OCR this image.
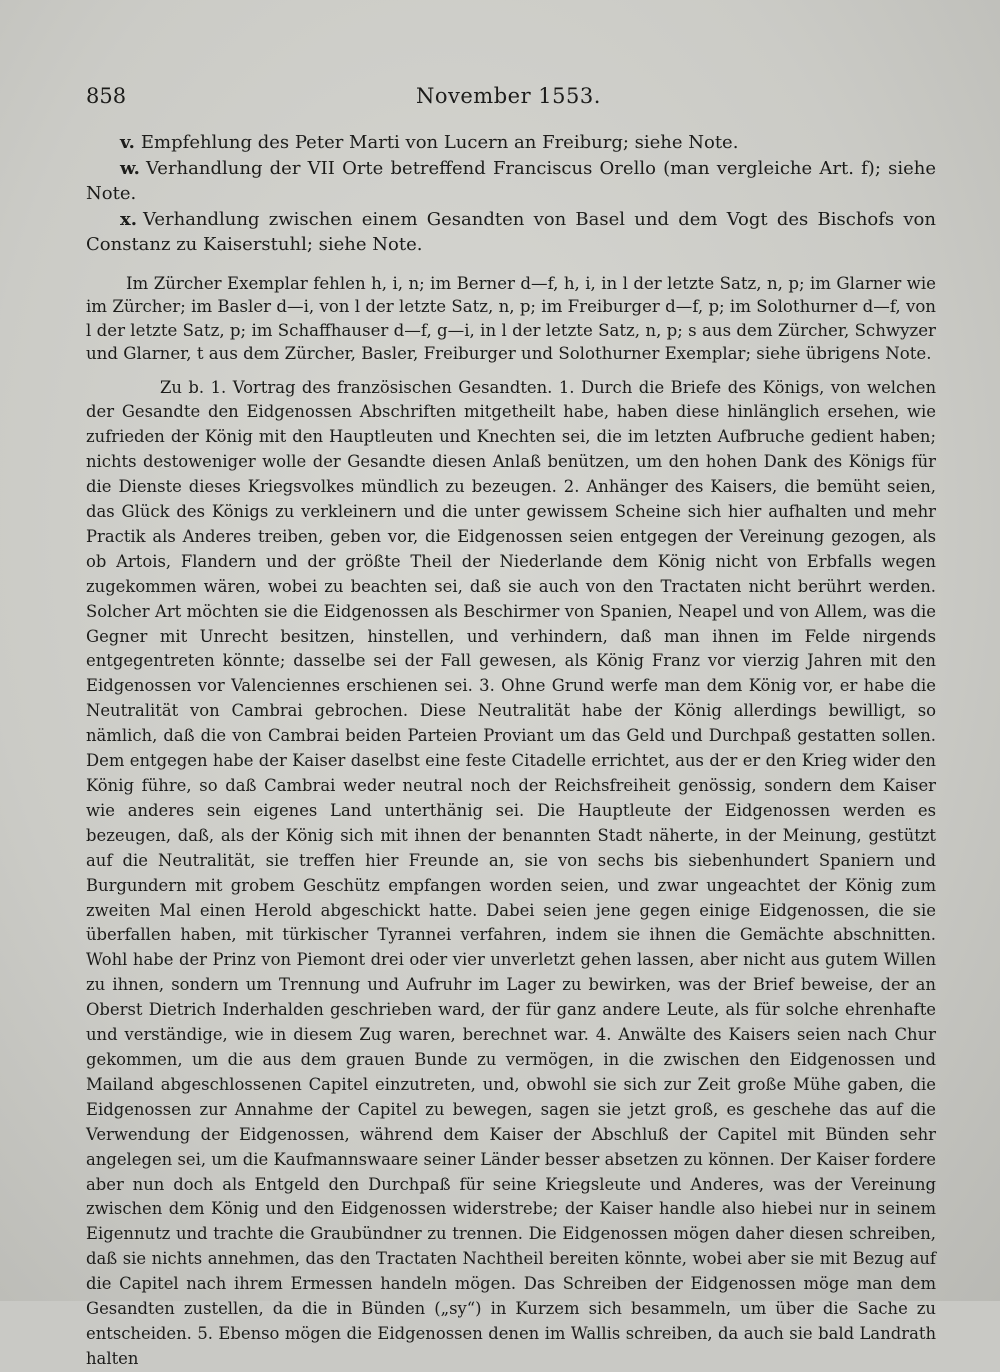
858	November 1553.
v. Empfehlung des Peter Marti von Lucern an Freiburg; siehe Note.
w. Verhandlung der VII Orte betreffend Franciscus Orello (man vergleiche Art. f); siehe Note.
x. Verhandlung zwischen einem Gesandten von Basel und dem Vogt des Bischofs von Constanz zu Kaiserstuhl; siehe Note.

Im Zürcher Exemplar fehlen h, i, n; im Berner d—f, h, i, in l der letzte Satz, n, p; im Glarner wie im Zürcher; im Basler d—i, von l der letzte Satz, n, p; im Freiburger d—f, p; im Solothurner d—f, von l der letzte Satz, p; im Schaffhauser d—f, g—i, in l der letzte Satz, n, p; s aus dem Zürcher, Schwyzer und Glarner, t aus dem Zürcher, Basler, Freiburger und Solothurner Exemplar; siehe übrigens Note.

Zu b. 1. Vortrag des französischen Gesandten. 1. Durch die Briefe des Königs, von welchen der Gesandte den Eidgenossen Abschriften mitgetheilt habe, haben diese hinlänglich ersehen, wie zufrieden der König mit den Hauptleuten und Knechten sei, die im letzten Aufbruche gedient haben; nichts destoweniger wolle der Gesandte diesen Anlaß benützen, um den hohen Dank des Königs für die Dienste dieses Kriegsvolkes mündlich zu bezeugen. 2. Anhänger des Kaisers, die bemüht seien, das Glück des Königs zu verkleinern und die unter gewissem Scheine sich hier aufhalten und mehr Practik als Anderes treiben, geben vor, die Eidgenossen seien entgegen der Vereinung gezogen, als ob Artois, Flandern und der größte Theil der Niederlande dem König nicht von Erbfalls wegen zugekommen wären, wobei zu beachten sei, daß sie auch von den Tractaten nicht berührt werden. Solcher Art möchten sie die Eidgenossen als Beschirmer von Spanien, Neapel und von Allem, was die Gegner mit Unrecht besitzen, hinstellen, und verhindern, daß man ihnen im Felde nirgends entgegentreten könnte; dasselbe sei der Fall gewesen, als König Franz vor vierzig Jahren mit den Eidgenossen vor Valenciennes erschienen sei. 3. Ohne Grund werfe man dem König vor, er habe die Neutralität von Cambrai gebrochen. Diese Neutralität habe der König allerdings bewilligt, so nämlich, daß die von Cambrai beiden Parteien Proviant um das Geld und Durchpaß gestatten sollen. Dem entgegen habe der Kaiser daselbst eine feste Citadelle errichtet, aus der er den Krieg wider den König führe, so daß Cambrai weder neutral noch der Reichsfreiheit genössig, sondern dem Kaiser wie anderes sein eigenes Land unterthänig sei. Die Hauptleute der Eidgenossen werden es bezeugen, daß, als der König sich mit ihnen der benannten Stadt näherte, in der Meinung, gestützt auf die Neutralität, sie treffen hier Freunde an, sie von sechs bis siebenhundert Spaniern und Burgundern mit grobem Geschütz empfangen worden seien, und zwar ungeachtet der König zum zweiten Mal einen Herold abgeschickt hatte. Dabei seien jene gegen einige Eidgenossen, die sie überfallen haben, mit türkischer Tyrannei verfahren, indem sie ihnen die Gemächte abschnitten. Wohl habe der Prinz von Piemont drei oder vier unverletzt gehen lassen, aber nicht aus gutem Willen zu ihnen, sondern um Trennung und Aufruhr im Lager zu bewirken, was der Brief beweise, der an Oberst Dietrich Inderhalden geschrieben ward, der für ganz andere Leute, als für solche ehrenhafte und verständige, wie in diesem Zug waren, berechnet war. 4. Anwälte des Kaisers seien nach Chur gekommen, um die aus dem grauen Bunde zu vermögen, in die zwischen den Eidgenossen und Mailand abgeschlossenen Capitel einzutreten, und, obwohl sie sich zur Zeit große Mühe gaben, die Eidgenossen zur Annahme der Capitel zu bewegen, sagen sie jetzt groß, es geschehe das auf die Verwendung der Eidgenossen, während dem Kaiser der Abschluß der Capitel mit Bünden sehr angelegen sei, um die Kaufmannswaare seiner Länder besser absetzen zu können. Der Kaiser fordere aber nun doch als Entgeld den Durchpaß für seine Kriegsleute und Anderes, was der Vereinung zwischen dem König und den Eidgenossen widerstrebe; der Kaiser handle also hiebei nur in seinem Eigennutz und trachte die Graubündner zu trennen. Die Eidgenossen mögen daher diesen schreiben, daß sie nichts annehmen, das den Tractaten Nachtheil bereiten könnte, wobei aber sie mit Bezug auf die Capitel nach ihrem Ermessen handeln mögen. Das Schreiben der Eidgenossen möge man dem Gesandten zustellen, da die in Bünden („sy“) in Kurzem sich besammeln, um über die Sache zu entscheiden. 5. Ebenso mögen die Eidgenossen denen im Wallis schreiben, da auch sie bald Landrath halten
